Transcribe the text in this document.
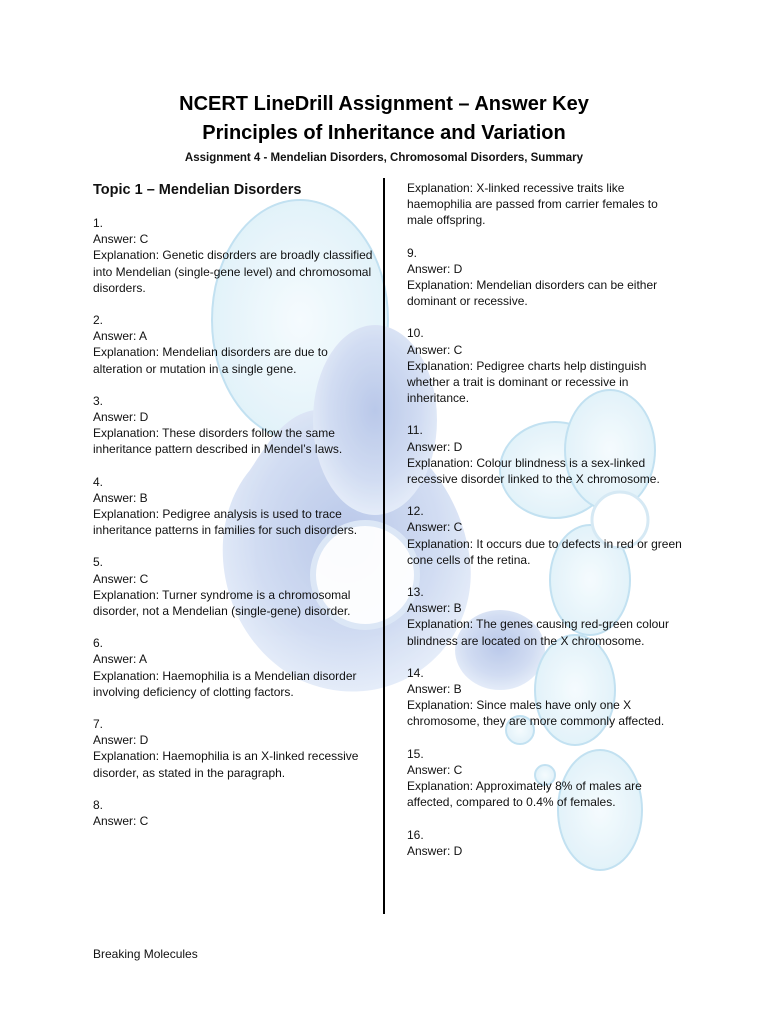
NCERT LineDrill Assignment – Answer Key
Principles of Inheritance and Variation
Assignment 4 - Mendelian Disorders, Chromosomal Disorders, Summary
Topic 1 – Mendelian Disorders
1.
Answer: C
Explanation: Genetic disorders are broadly classified into Mendelian (single-gene level) and chromosomal disorders.
2.
Answer: A
Explanation: Mendelian disorders are due to alteration or mutation in a single gene.
3.
Answer: D
Explanation: These disorders follow the same inheritance pattern described in Mendel’s laws.
4.
Answer: B
Explanation: Pedigree analysis is used to trace inheritance patterns in families for such disorders.
5.
Answer: C
Explanation: Turner syndrome is a chromosomal disorder, not a Mendelian (single-gene) disorder.
6.
Answer: A
Explanation: Haemophilia is a Mendelian disorder involving deficiency of clotting factors.
7.
Answer: D
Explanation: Haemophilia is an X-linked recessive disorder, as stated in the paragraph.
8.
Answer: C
Explanation: X-linked recessive traits like haemophilia are passed from carrier females to male offspring.
9.
Answer: D
Explanation: Mendelian disorders can be either dominant or recessive.
10.
Answer: C
Explanation: Pedigree charts help distinguish whether a trait is dominant or recessive in inheritance.
11.
Answer: D
Explanation: Colour blindness is a sex-linked recessive disorder linked to the X chromosome.
12.
Answer: C
Explanation: It occurs due to defects in red or green cone cells of the retina.
13.
Answer: B
Explanation: The genes causing red-green colour blindness are located on the X chromosome.
14.
Answer: B
Explanation: Since males have only one X chromosome, they are more commonly affected.
15.
Answer: C
Explanation: Approximately 8% of males are affected, compared to 0.4% of females.
16.
Answer: D
Breaking Molecules
